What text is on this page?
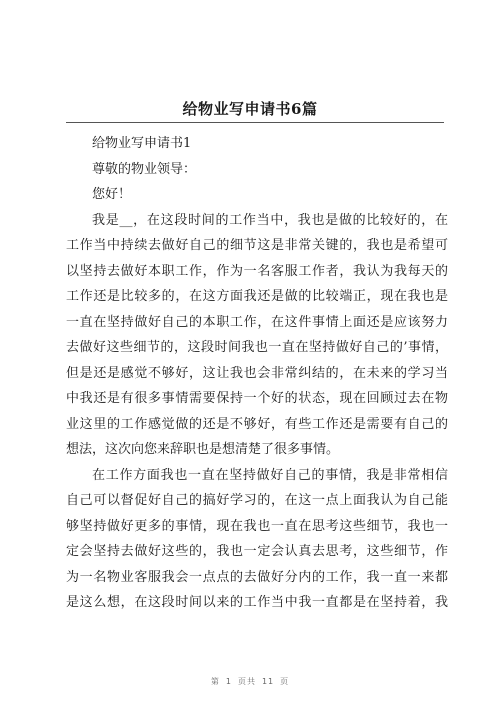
给物业写申请书6篇
给物业写申请书1
尊敬的物业领导：
您好！
我是__，在这段时间的工作当中，我也是做的比较好的，在
工作当中持续去做好自己的细节这是非常关键的，我也是希望可
以坚持去做好本职工作，作为一名客服工作者，我认为我每天的
工作还是比较多的，在这方面我还是做的比较端正，现在我也是
一直在坚持做好自己的本职工作，在这件事情上面还是应该努力
去做好这些细节的，这段时间我也一直在坚持做好自己的’事情，
但是还是感觉不够好，这让我也会非常纠结的，在未来的学习当
中我还是有很多事情需要保持一个好的状态，现在回顾过去在物
业这里的工作感觉做的还是不够好，有些工作还是需要有自己的
想法，这次向您来辞职也是想清楚了很多事情。
在工作方面我也一直在坚持做好自己的事情，我是非常相信
自己可以督促好自己的搞好学习的，在这一点上面我认为自己能
够坚持做好更多的事情，现在我也一直在思考这些细节，我也一
定会坚持去做好这些的，我也一定会认真去思考，这些细节，作
为一名物业客服我会一点点的去做好分内的工作，我一直一来都
是这么想，在这段时间以来的工作当中我一直都是在坚持着，我
第 1 页共 11 页
